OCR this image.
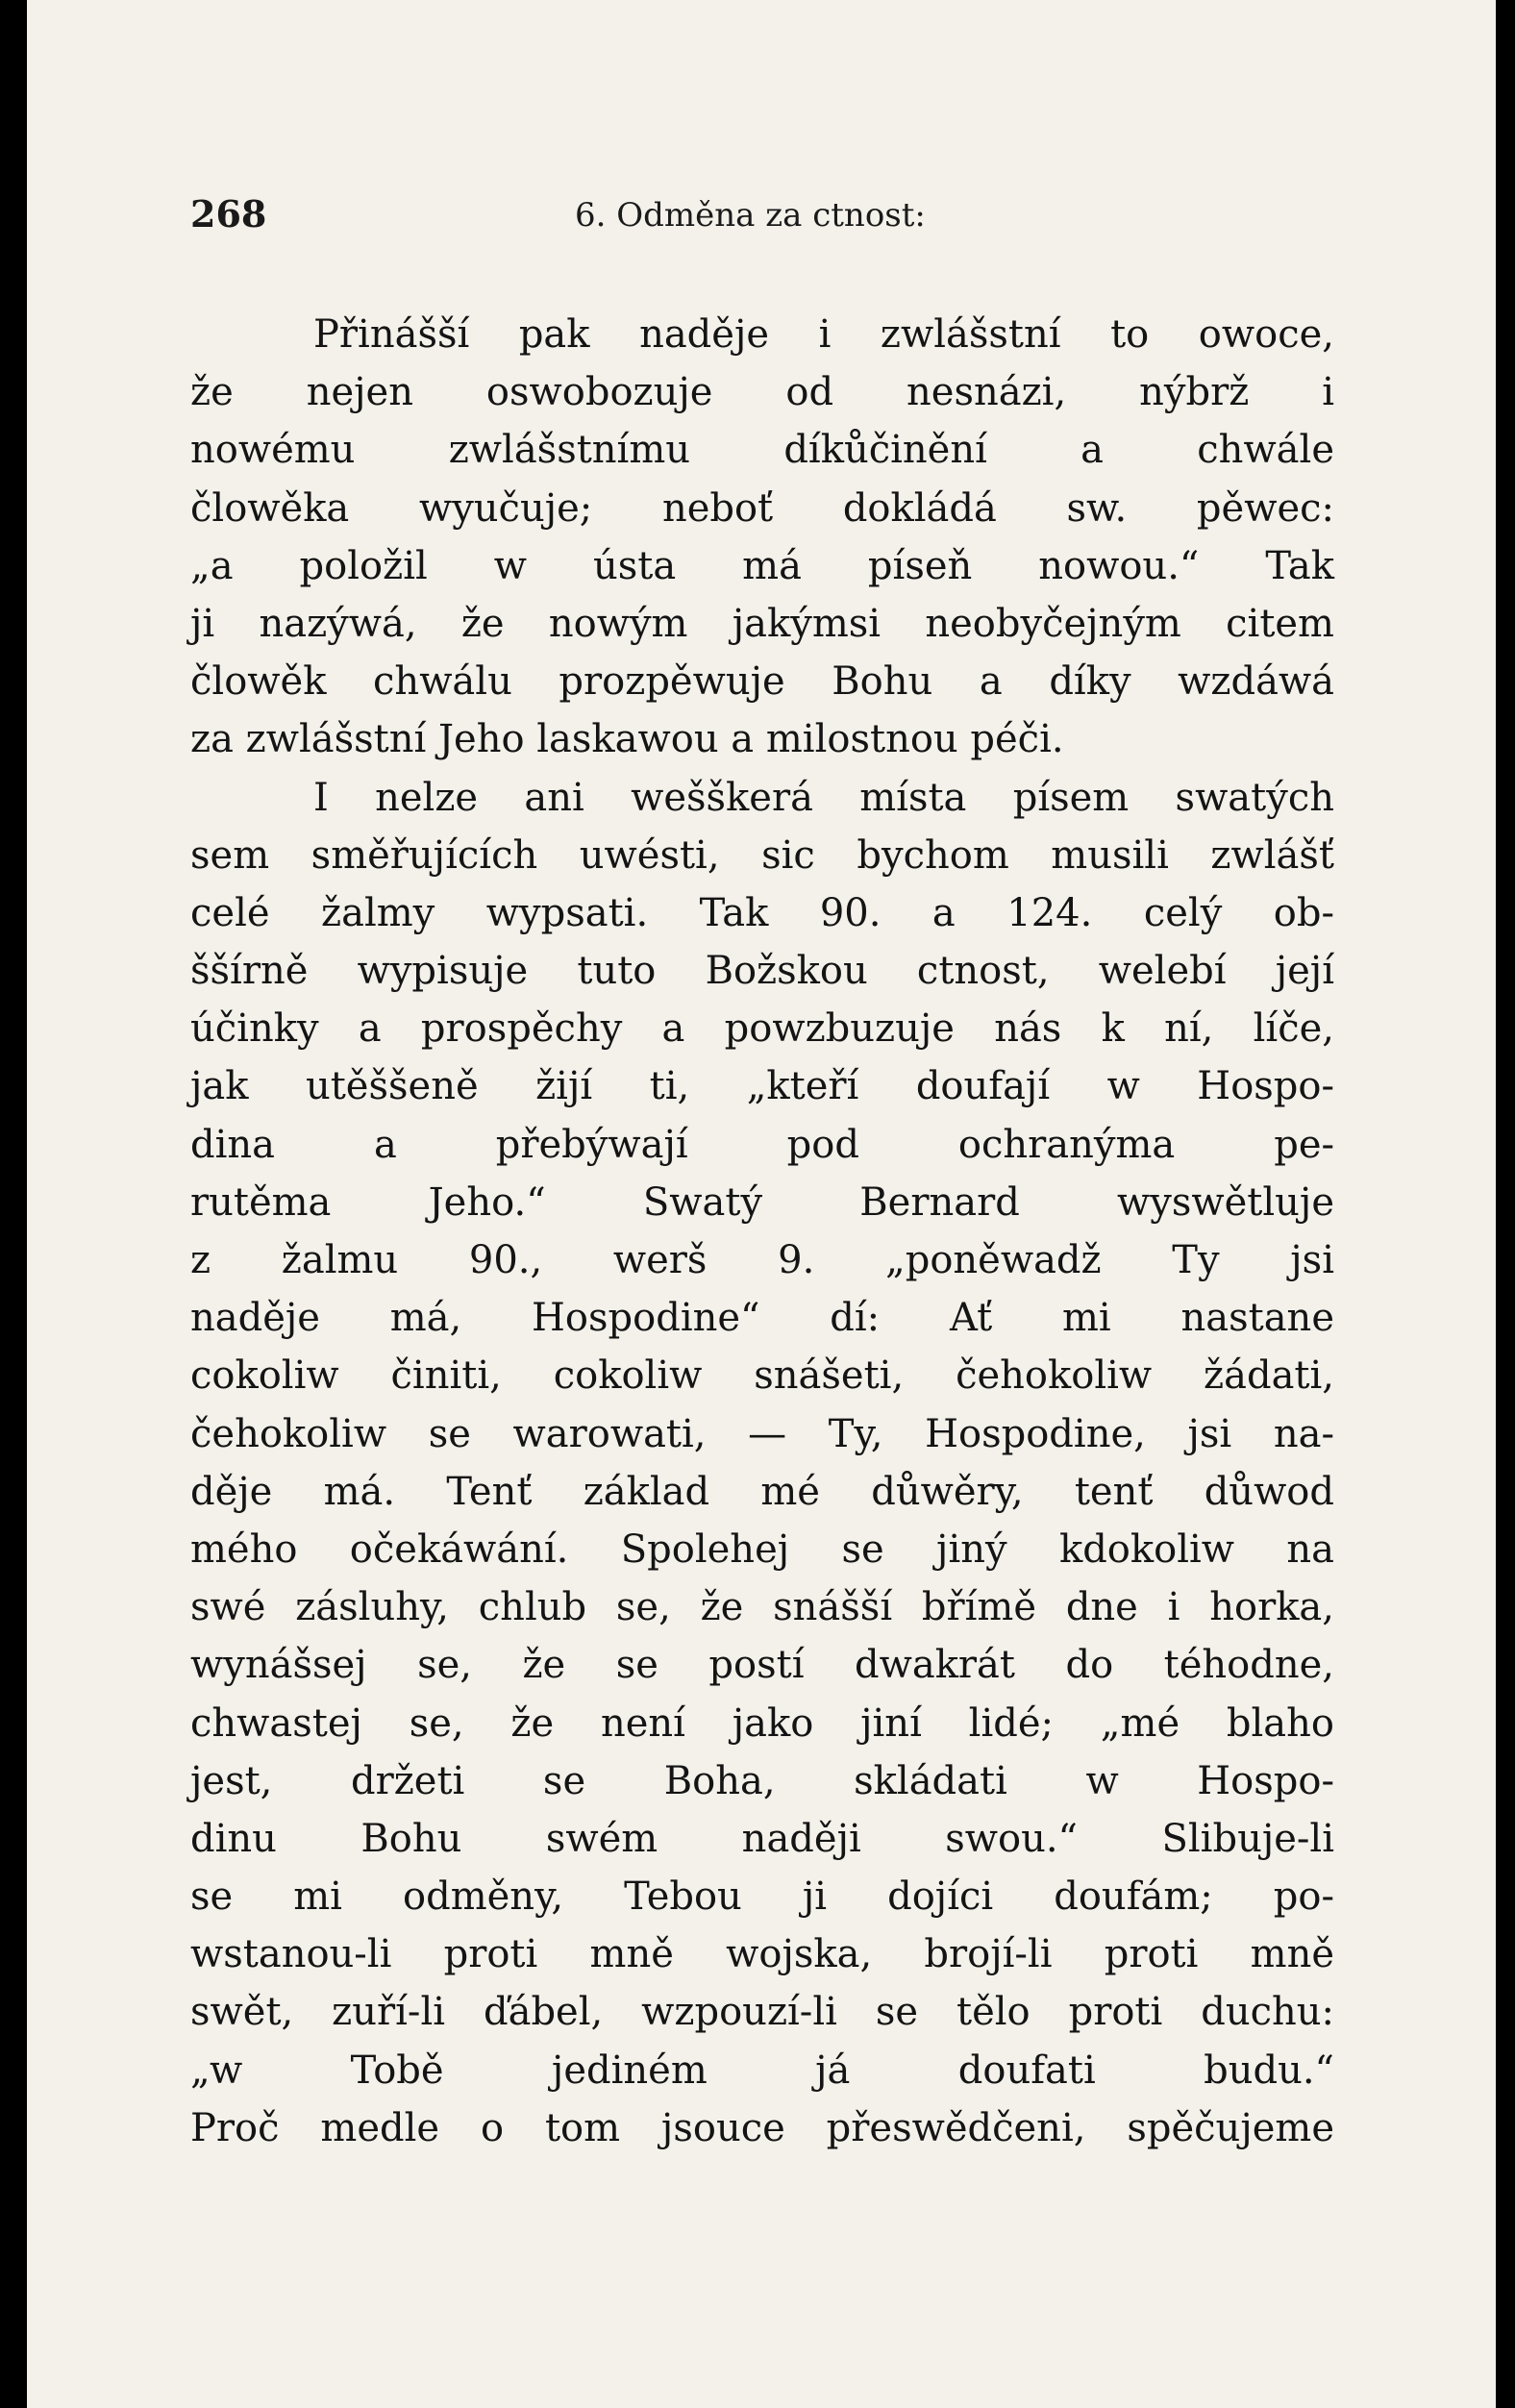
268	6. Odměna za ctnost:
Přinášší pak naděje i zwlášstní to owoce,
že nejen oswobozuje od nesnázi, nýbrž i
nowému zwlášstnímu díkůčinění a chwále
člowěka wyučuje; neboť dokládá sw. pěwec:
„a položil w ústa má píseň nowou.“ Tak
ji nazýwá, že nowým jakýmsi neobyčejným citem
člowěk chwálu prozpěwuje Bohu a díky wzdáwá
za zwlášstní Jeho laskawou a milostnou péči.
I nelze ani wešškerá místa písem swatých
sem směřujících uwésti, sic bychom musili zwlášť
celé žalmy wypsati. Tak 90. a 124. celý ob-
ššírně wypisuje tuto Božskou ctnost, welebí její
účinky a prospěchy a powzbuzuje nás k ní, líče,
jak utěššeně žijí ti, „kteří doufají w Hospo-
dina a přebýwají pod ochranýma pe-
rutěma Jeho.“ Swatý Bernard wyswětluje
z žalmu 90., werš 9. „poněwadž Ty jsi
naděje má, Hospodine“ dí: Ať mi nastane
cokoliw činiti, cokoliw snášeti, čehokoliw žádati,
čehokoliw se warowati, — Ty, Hospodine, jsi na-
děje má. Tenť základ mé důwěry, tenť důwod
mého očekáwání. Spolehej se jiný kdokoliw na
swé zásluhy, chlub se, že snášší břímě dne i horka,
wynášsej se, že se postí dwakrát do téhodne,
chwastej se, že není jako jiní lidé; „mé blaho
jest, držeti se Boha, skládati w Hospo-
dinu Bohu swém naději swou.“ Slibuje-li
se mi odměny, Tebou ji dojíci doufám; po-
wstanou-li proti mně wojska, brojí-li proti mně
swět, zuří-li ďábel, wzpouzí-li se tělo proti duchu:
„w Tobě jediném já doufati budu.“
Proč medle o tom jsouce přeswědčeni, spěčujeme
